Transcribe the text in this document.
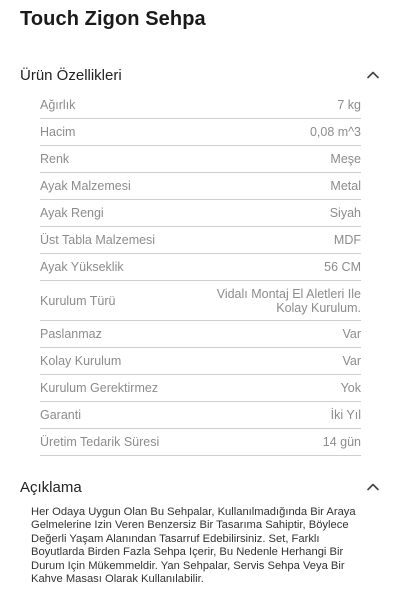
Touch Zigon Sehpa
Ürün Özellikleri
Ağırlık	7 kg
Hacim	0,08 m^3
Renk	Meşe
Ayak Malzemesi	Metal
Ayak Rengi	Siyah
Üst Tabla Malzemesi	MDF
Ayak Yükseklik	56 CM
Kurulum Türü	Vidalı Montaj El Aletleri Ile Kolay Kurulum.
Paslanmaz	Var
Kolay Kurulum	Var
Kurulum Gerektirmez	Yok
Garanti	İki Yıl
Üretim Tedarik Süresi	14 gün
Açıklama

Her Odaya Uygun Olan Bu Sehpalar, Kullanılmadığında Bir Araya Gelmelerine Izin Veren Benzersiz Bir Tasarıma Sahiptir, Böylece Değerli Yaşam Alanından Tasarruf Edebilirsiniz. Set, Farklı Boyutlarda Birden Fazla Sehpa Içerir, Bu Nedenle Herhangi Bir Durum Için Mükemmeldir. Yan Sehpalar, Servis Sehpa Veya Bir Kahve Masası Olarak Kullanılabilir.
